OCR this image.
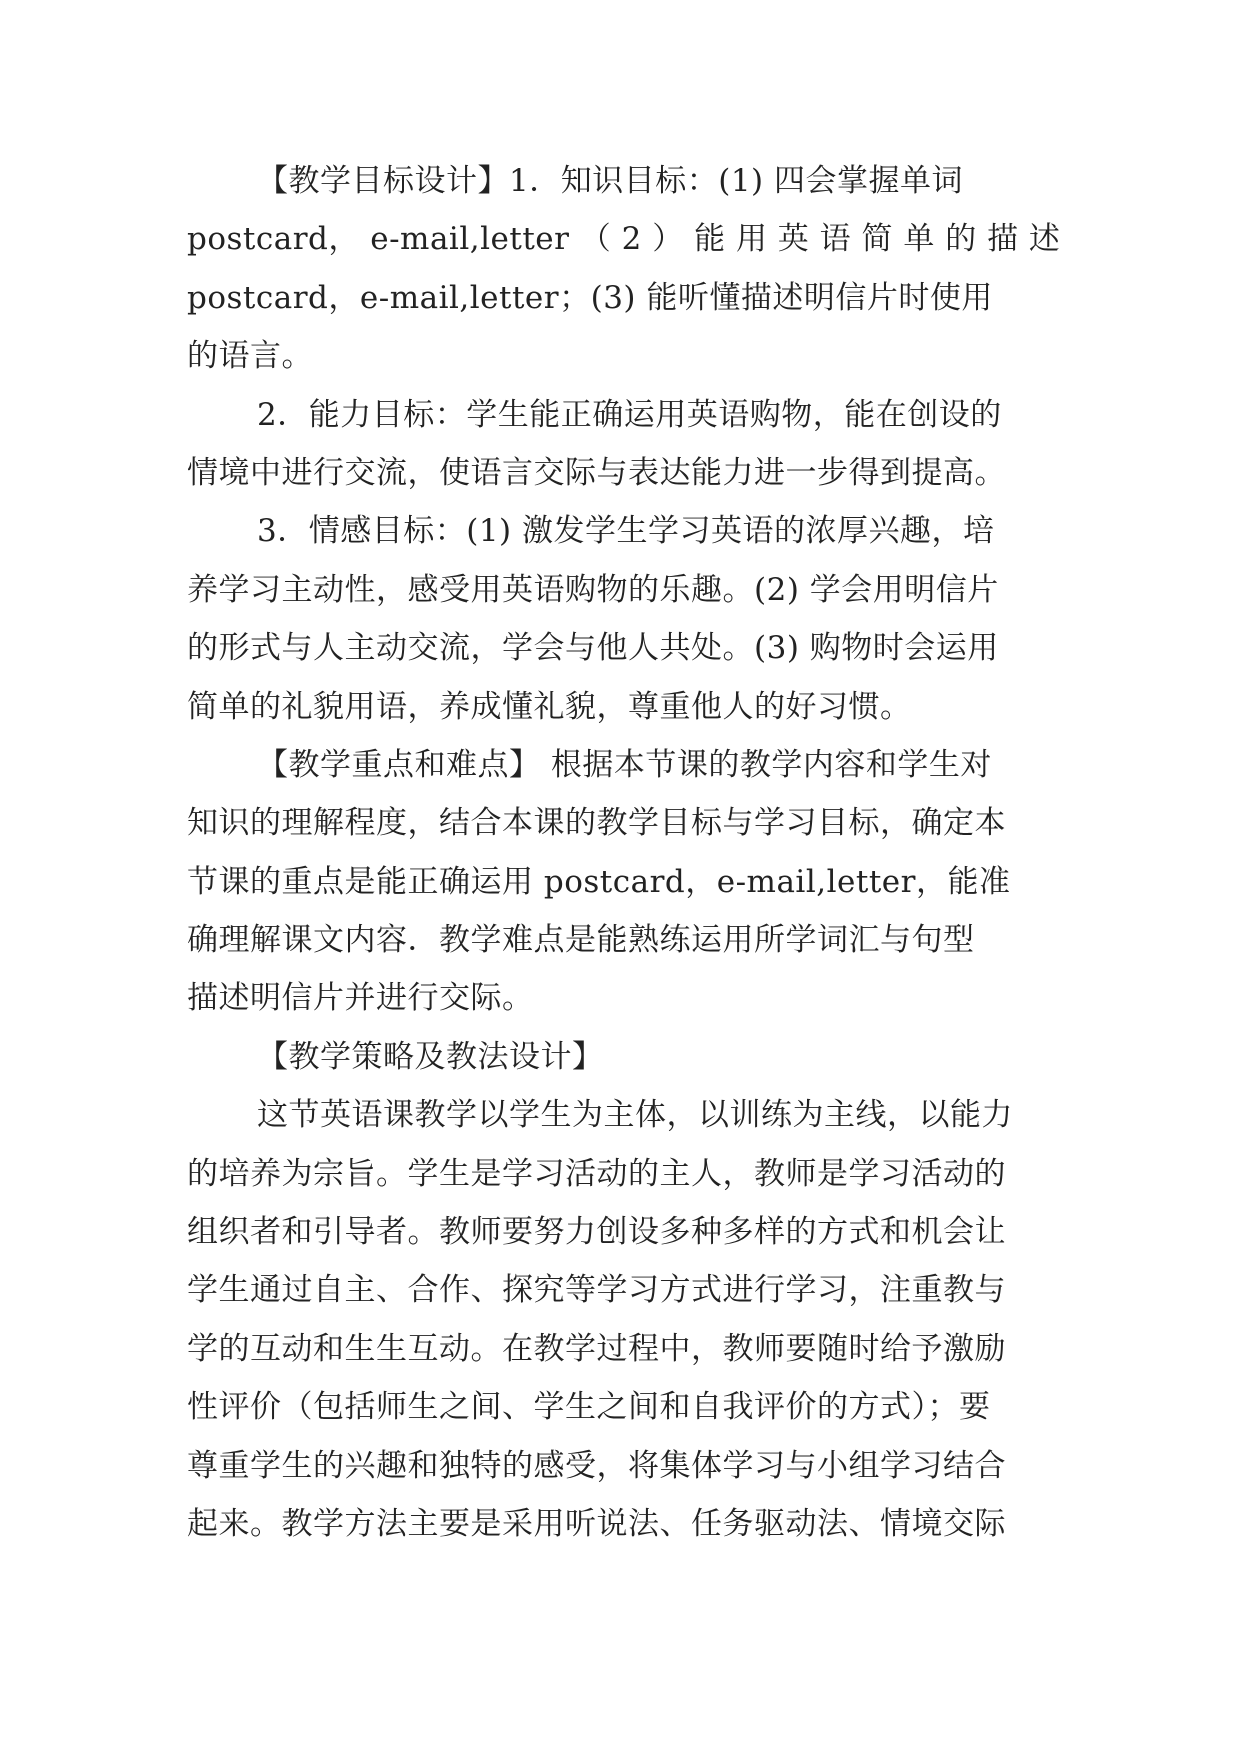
【教学目标设计】1．知识目标：(1) 四会掌握单词
postcard， e-mail,letter （ 2 ） 能 用 英 语 简 单 的 描 述
postcard，e-mail,letter；(3) 能听懂描述明信片时使用
的语言。
2．能力目标：学生能正确运用英语购物，能在创设的
情境中进行交流，使语言交际与表达能力进一步得到提高。
3．情感目标：(1) 激发学生学习英语的浓厚兴趣，培
养学习主动性，感受用英语购物的乐趣。(2) 学会用明信片
的形式与人主动交流，学会与他人共处。(3) 购物时会运用
简单的礼貌用语，养成懂礼貌，尊重他人的好习惯。
【教学重点和难点】 根据本节课的教学内容和学生对
知识的理解程度，结合本课的教学目标与学习目标，确定本
节课的重点是能正确运用 postcard，e-mail,letter，能准
确理解课文内容．教学难点是能熟练运用所学词汇与句型
描述明信片并进行交际。
【教学策略及教法设计】
这节英语课教学以学生为主体，以训练为主线，以能力
的培养为宗旨。学生是学习活动的主人，教师是学习活动的
组织者和引导者。教师要努力创设多种多样的方式和机会让
学生通过自主、合作、探究等学习方式进行学习，注重教与
学的互动和生生互动。在教学过程中，教师要随时给予激励
性评价（包括师生之间、学生之间和自我评价的方式）；要
尊重学生的兴趣和独特的感受，将集体学习与小组学习结合
起来。教学方法主要是采用听说法、任务驱动法、情境交际
